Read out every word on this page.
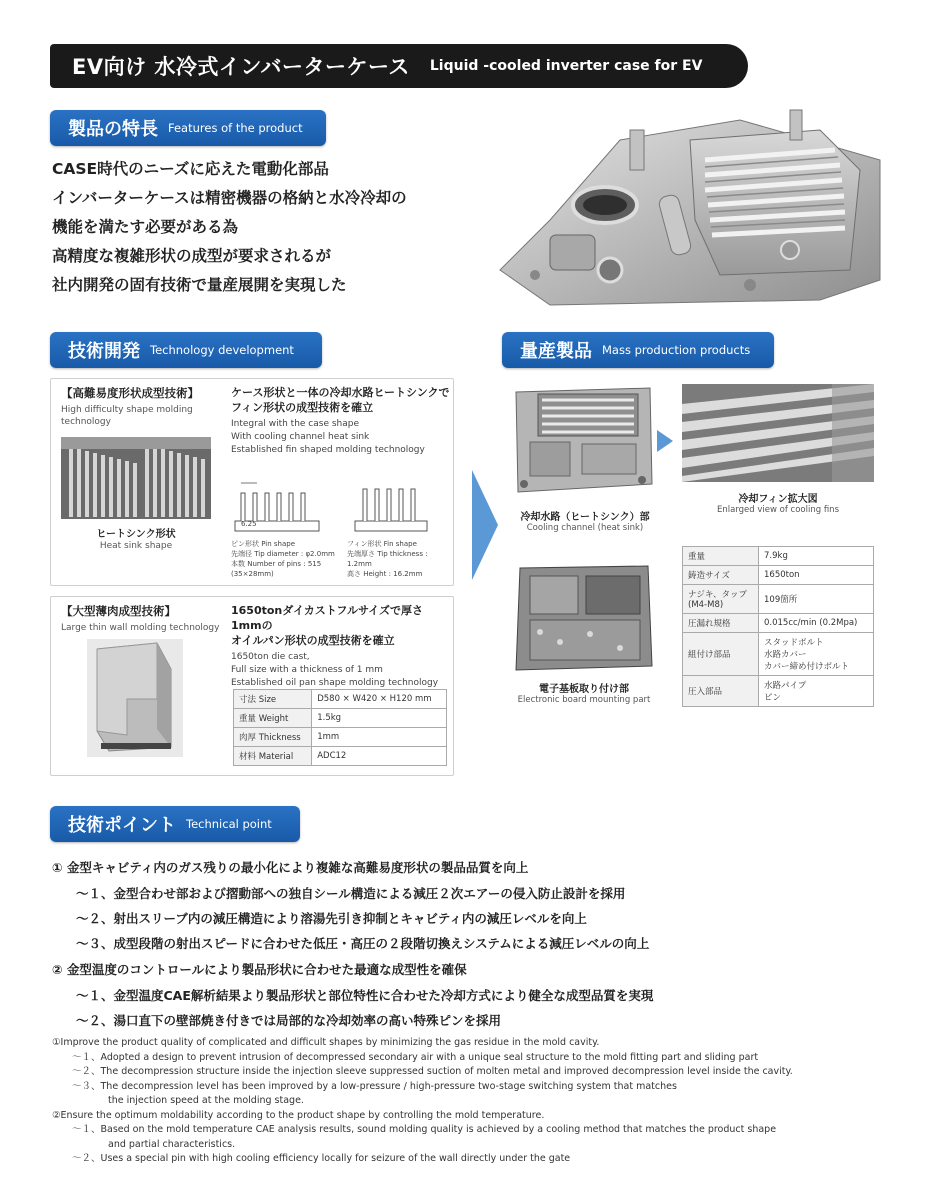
EV向け 水冷式インバーターケース Liquid -cooled inverter case for EV
製品の特長 Features of the product
CASE時代のニーズに応えた電動化部品
インバーターケースは精密機器の格納と水冷冷却の
機能を満たす必要がある為
高精度な複雑形状の成型が要求されるが
社内開発の固有技術で量産展開を実現した
技術開発 Technology development
【高難易度形状成型技術】
High difficulty shape molding
technology
ヒートシンク形状
Heat sink shape
ケース形状と一体の冷却水路ヒートシンクで
フィン形状の成型技術を確立
Integral with the case shape
With cooling channel heat sink
Established fin shaped molding technology
6.25
ピン形状 Pin shape
先端径 Tip diameter : φ2.0mm
本数 Number of pins : 515
(35×28mm)
フィン形状 Fin shape
先端厚さ Tip thickness : 1.2mm
高さ Height : 16.2mm
【大型薄肉成型技術】
Large thin wall molding technology
1650tonダイカストフルサイズで厚さ1mmの
オイルパン形状の成型技術を確立
1650ton die cast,
Full size with a thickness of 1 mm
Established oil pan shape molding technology
寸法 Size	D580 × W420 × H120 mm
重量 Weight	1.5kg
肉厚 Thickness	1mm
材料 Material	ADC12
量産製品 Mass production products
冷却水路（ヒートシンク）部
Cooling channel (heat sink)
冷却フィン拡大図
Enlarged view of cooling fins
電子基板取り付け部
Electronic board mounting part
重量	7.9kg
鋳造サイズ	1650ton
ナジキ、タップ
(M4-M8)	109箇所
圧漏れ規格	0.015cc/min (0.2Mpa)
組付け部品	スタッドボルト
水路カバー
カバー締め付けボルト
圧入部品	水路パイプ
ピン
技術ポイント Technical point
① 金型キャビティ内のガス残りの最小化により複雑な高難易度形状の製品品質を向上
～１、金型合わせ部および摺動部への独自シール構造による減圧２次エアーの侵入防止設計を採用
～２、射出スリーブ内の減圧構造により溶湯先引き抑制とキャビティ内の減圧レベルを向上
～３、成型段階の射出スピードに合わせた低圧・高圧の２段階切換えシステムによる減圧レベルの向上
② 金型温度のコントロールにより製品形状に合わせた最適な成型性を確保
～１、金型温度CAE解析結果より製品形状と部位特性に合わせた冷却方式により健全な成型品質を実現
～２、湯口直下の壁部焼き付きでは局部的な冷却効率の高い特殊ピンを採用
①Improve the product quality of complicated and difficult shapes by minimizing the gas residue in the mold cavity.
～１、Adopted a design to prevent intrusion of decompressed secondary air with a unique seal structure to the mold fitting part and sliding part
～２、The decompression structure inside the injection sleeve suppressed suction of molten metal and improved decompression level inside the cavity.
～３、The decompression level has been improved by a low-pressure / high-pressure two-stage switching system that matches
the injection speed at the molding stage.
②Ensure the optimum moldability according to the product shape by controlling the mold temperature.
～１、Based on the mold temperature CAE analysis results, sound molding quality is achieved by a cooling method that matches the product shape
and partial characteristics.
～２、Uses a special pin with high cooling efficiency locally for seizure of the wall directly under the gate
